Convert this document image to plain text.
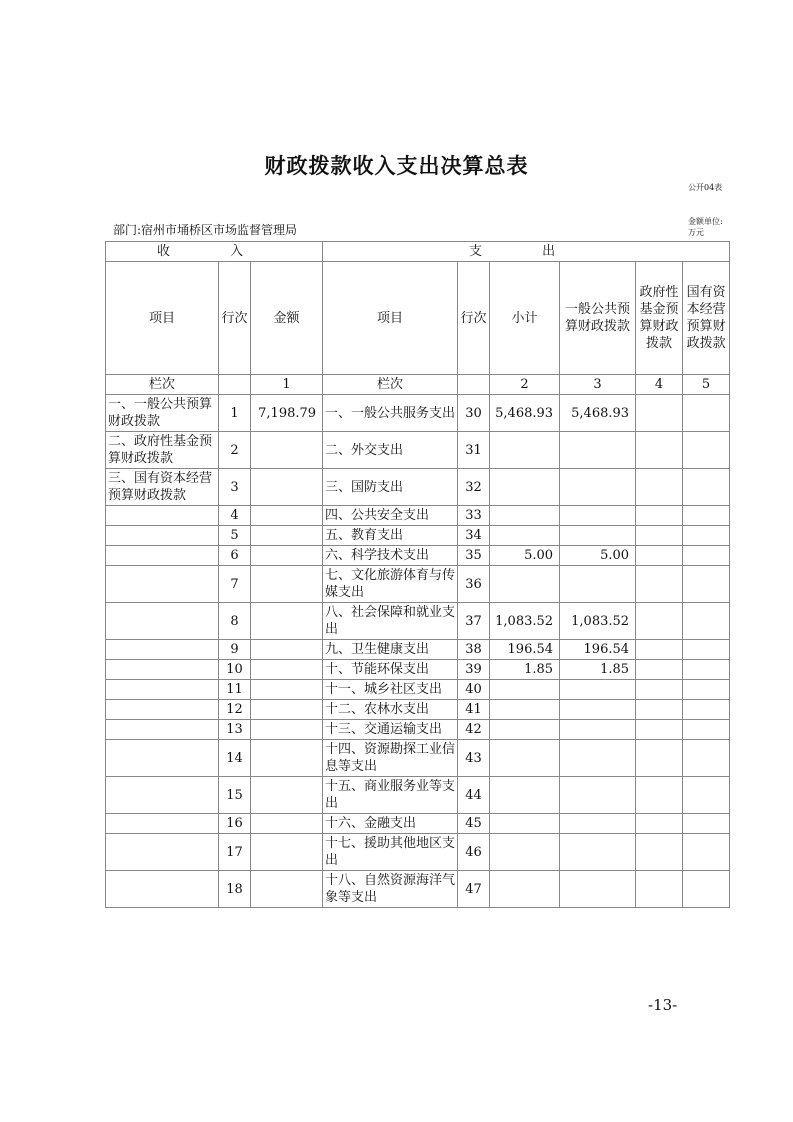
财政拨款收入支出决算总表
公开04表
金额单位:万元
部门:宿州市埇桥区市场监督管理局
收 入			支 出					
项目	行次	金额	项目	行次	小计	一般公共预算财政拨款	政府性基金预算财政拨款	国有资本经营预算财政拨款
栏次		1	栏次		2	3	4	5
一、一般公共预算财政拨款	1	7,198.79	一、一般公共服务支出	30	5,468.93	5,468.93		
二、政府性基金预算财政拨款	2		二、外交支出	31				
三、国有资本经营预算财政拨款	3		三、国防支出	32				
	4		四、公共安全支出	33				
	5		五、教育支出	34				
	6		六、科学技术支出	35	5.00	5.00		
	7		七、文化旅游体育与传媒支出	36				
	8		八、社会保障和就业支出	37	1,083.52	1,083.52		
	9		九、卫生健康支出	38	196.54	196.54		
	10		十、节能环保支出	39	1.85	1.85		
	11		十一、城乡社区支出	40				
	12		十二、农林水支出	41				
	13		十三、交通运输支出	42				
	14		十四、资源勘探工业信息等支出	43				
	15		十五、商业服务业等支出	44				
	16		十六、金融支出	45				
	17		十七、援助其他地区支出	46				
	18		十八、自然资源海洋气象等支出	47				
-13-
